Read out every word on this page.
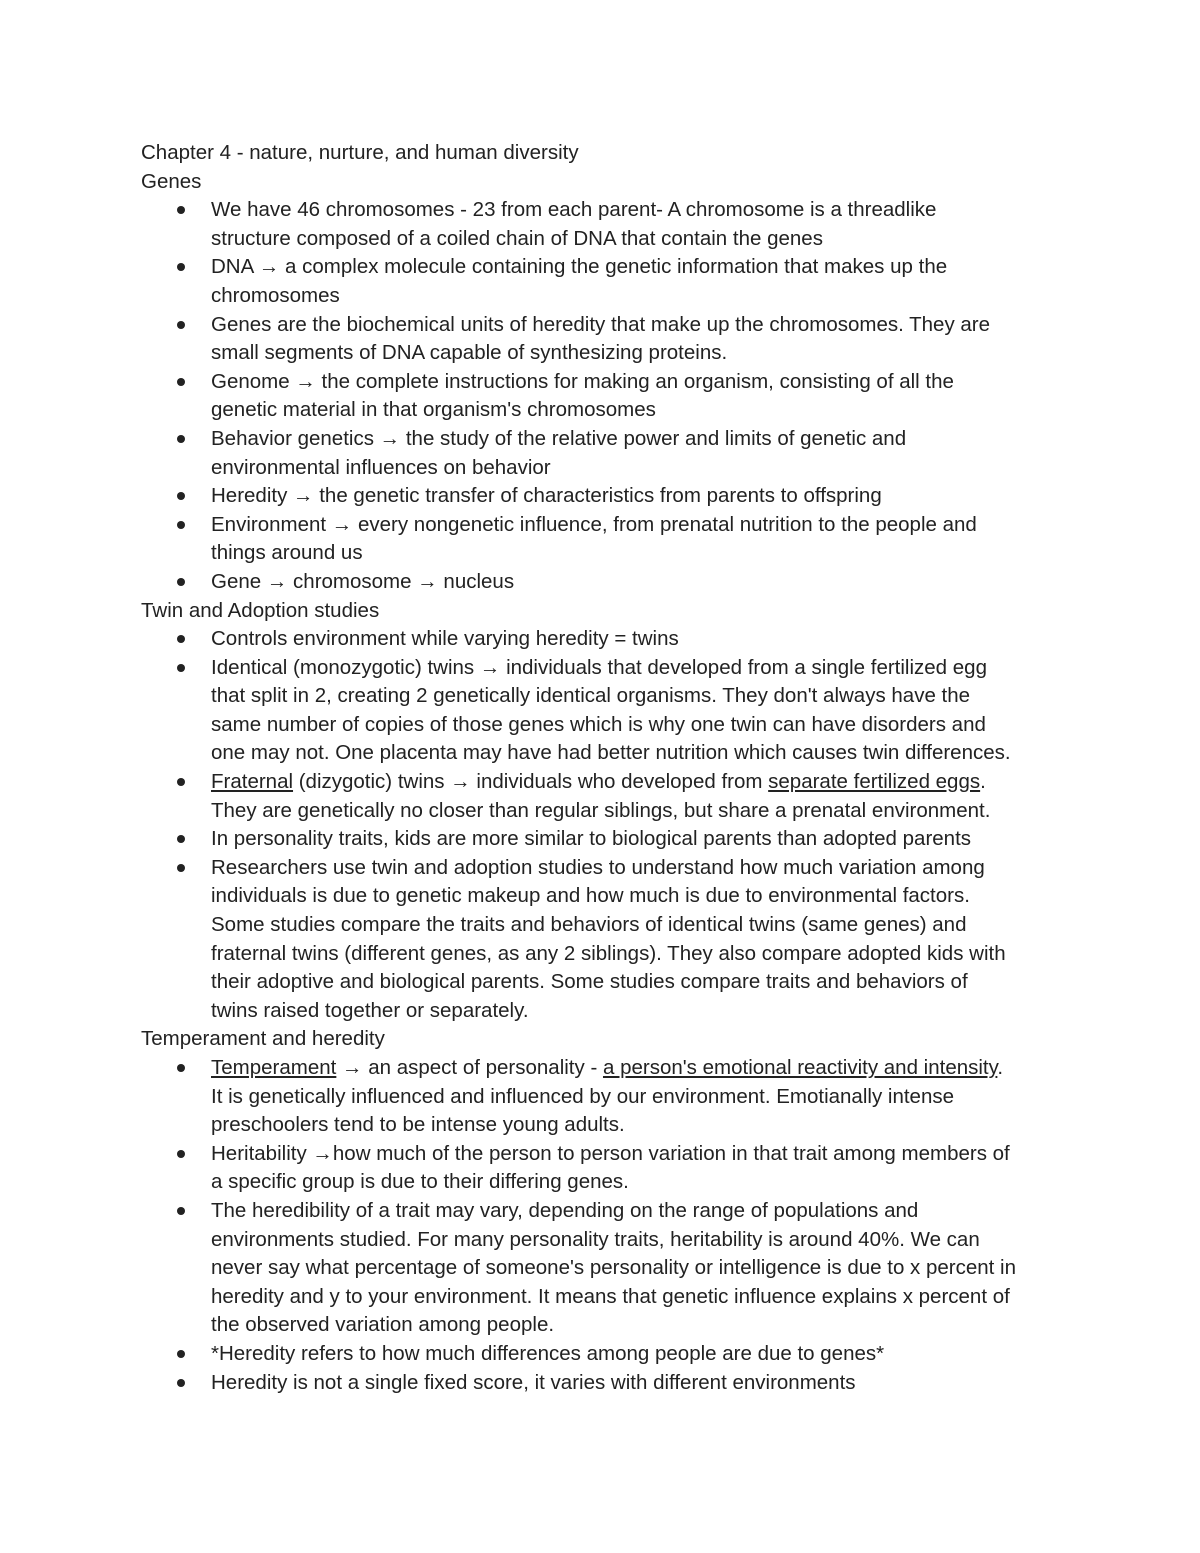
Chapter 4 - nature, nurture, and human diversity

Genes

We have 46 chromosomes - 23 from each parent- A chromosome is a threadlike

structure composed of a coiled chain of DNA that contain the genes

DNA → a complex molecule containing the genetic information that makes up the

chromosomes

Genes are the biochemical units of heredity that make up the chromosomes. They are

small segments of DNA capable of synthesizing proteins.

Genome → the complete instructions for making an organism, consisting of all the

genetic material in that organism's chromosomes

Behavior genetics → the study of the relative power and limits of genetic and

environmental influences on behavior

Heredity → the genetic transfer of characteristics from parents to offspring

Environment → every nongenetic influence, from prenatal nutrition to the people and

things around us

Gene → chromosome → nucleus

Twin and Adoption studies

Controls environment while varying heredity = twins

Identical (monozygotic) twins → individuals that developed from a single fertilized egg

that split in 2, creating 2 genetically identical organisms. They don't always have the

same number of copies of those genes which is why one twin can have disorders and

one may not. One placenta may have had better nutrition which causes twin differences.

Fraternal (dizygotic) twins → individuals who developed from separate fertilized eggs.

They are genetically no closer than regular siblings, but share a prenatal environment.

In personality traits, kids are more similar to biological parents than adopted parents

Researchers use twin and adoption studies to understand how much variation among

individuals is due to genetic makeup and how much is due to environmental factors.

Some studies compare the traits and behaviors of identical twins (same genes) and

fraternal twins (different genes, as any 2 siblings). They also compare adopted kids with

their adoptive and biological parents. Some studies compare traits and behaviors of

twins raised together or separately.

Temperament and heredity

Temperament → an aspect of personality - a person's emotional reactivity and intensity.

It is genetically influenced and influenced by our environment. Emotianally intense

preschoolers tend to be intense young adults.

Heritability →how much of the person to person variation in that trait among members of

a specific group is due to their differing genes.

The heredibility of a trait may vary, depending on the range of populations and

environments studied. For many personality traits, heritability is around 40%. We can

never say what percentage of someone's personality or intelligence is due to x percent in

heredity and y to your environment. It means that genetic influence explains x percent of

the observed variation among people.

*Heredity refers to how much differences among people are due to genes*

Heredity is not a single fixed score, it varies with different environments
